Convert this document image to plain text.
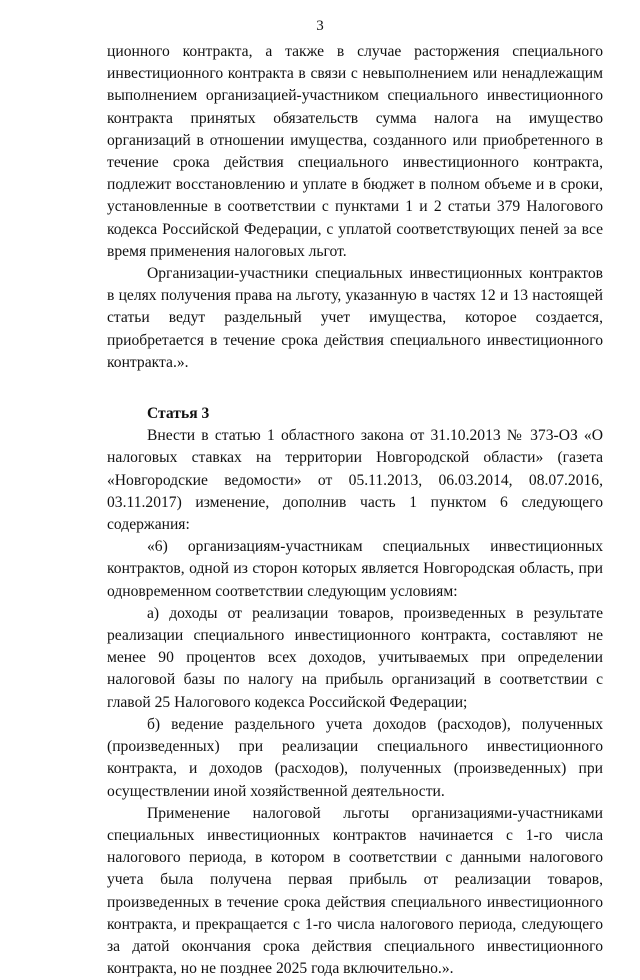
3

ционного контракта, а также в случае расторжения специального инвестиционного контракта в связи с невыполнением или ненадлежащим выполнением организацией-участником специального инвестиционного контракта принятых обязательств сумма налога на имущество организаций в отношении имущества, созданного или приобретенного в течение срока действия специального инвестиционного контракта, подлежит восстановлению и уплате в бюджет в полном объеме и в сроки, установленные в соответствии с пунктами 1 и 2 статьи 379 Налогового кодекса Российской Федерации, с уплатой соответствующих пеней за все время применения налоговых льгот.

Организации-участники специальных инвестиционных контрактов в целях получения права на льготу, указанную в частях 12 и 13 настоящей статьи ведут раздельный учет имущества, которое создается, приобретается в течение срока действия специального инвестиционного контракта.».

Статья 3

Внести в статью 1 областного закона от 31.10.2013 № 373-ОЗ «О налоговых ставках на территории Новгородской области» (газета «Новгородские ведомости» от 05.11.2013, 06.03.2014, 08.07.2016, 03.11.2017) изменение, дополнив часть 1 пунктом 6 следующего содержания:

«6) организациям-участникам специальных инвестиционных контрактов, одной из сторон которых является Новгородская область, при одновременном соответствии следующим условиям:

а) доходы от реализации товаров, произведенных в результате реализации специального инвестиционного контракта, составляют не менее 90 процентов всех доходов, учитываемых при определении налоговой базы по налогу на прибыль организаций в соответствии с главой 25 Налогового кодекса Российской Федерации;

б) ведение раздельного учета доходов (расходов), полученных (произведенных) при реализации специального инвестиционного контракта, и доходов (расходов), полученных (произведенных) при осуществлении иной хозяйственной деятельности.

Применение налоговой льготы организациями-участниками специальных инвестиционных контрактов начинается с 1-го числа налогового периода, в котором в соответствии с данными налогового учета была получена первая прибыль от реализации товаров, произведенных в течение срока действия специального инвестиционного контракта, и прекращается с 1-го числа налогового периода, следующего за датой окончания срока действия специального инвестиционного контракта, но не позднее 2025 года включительно.».
